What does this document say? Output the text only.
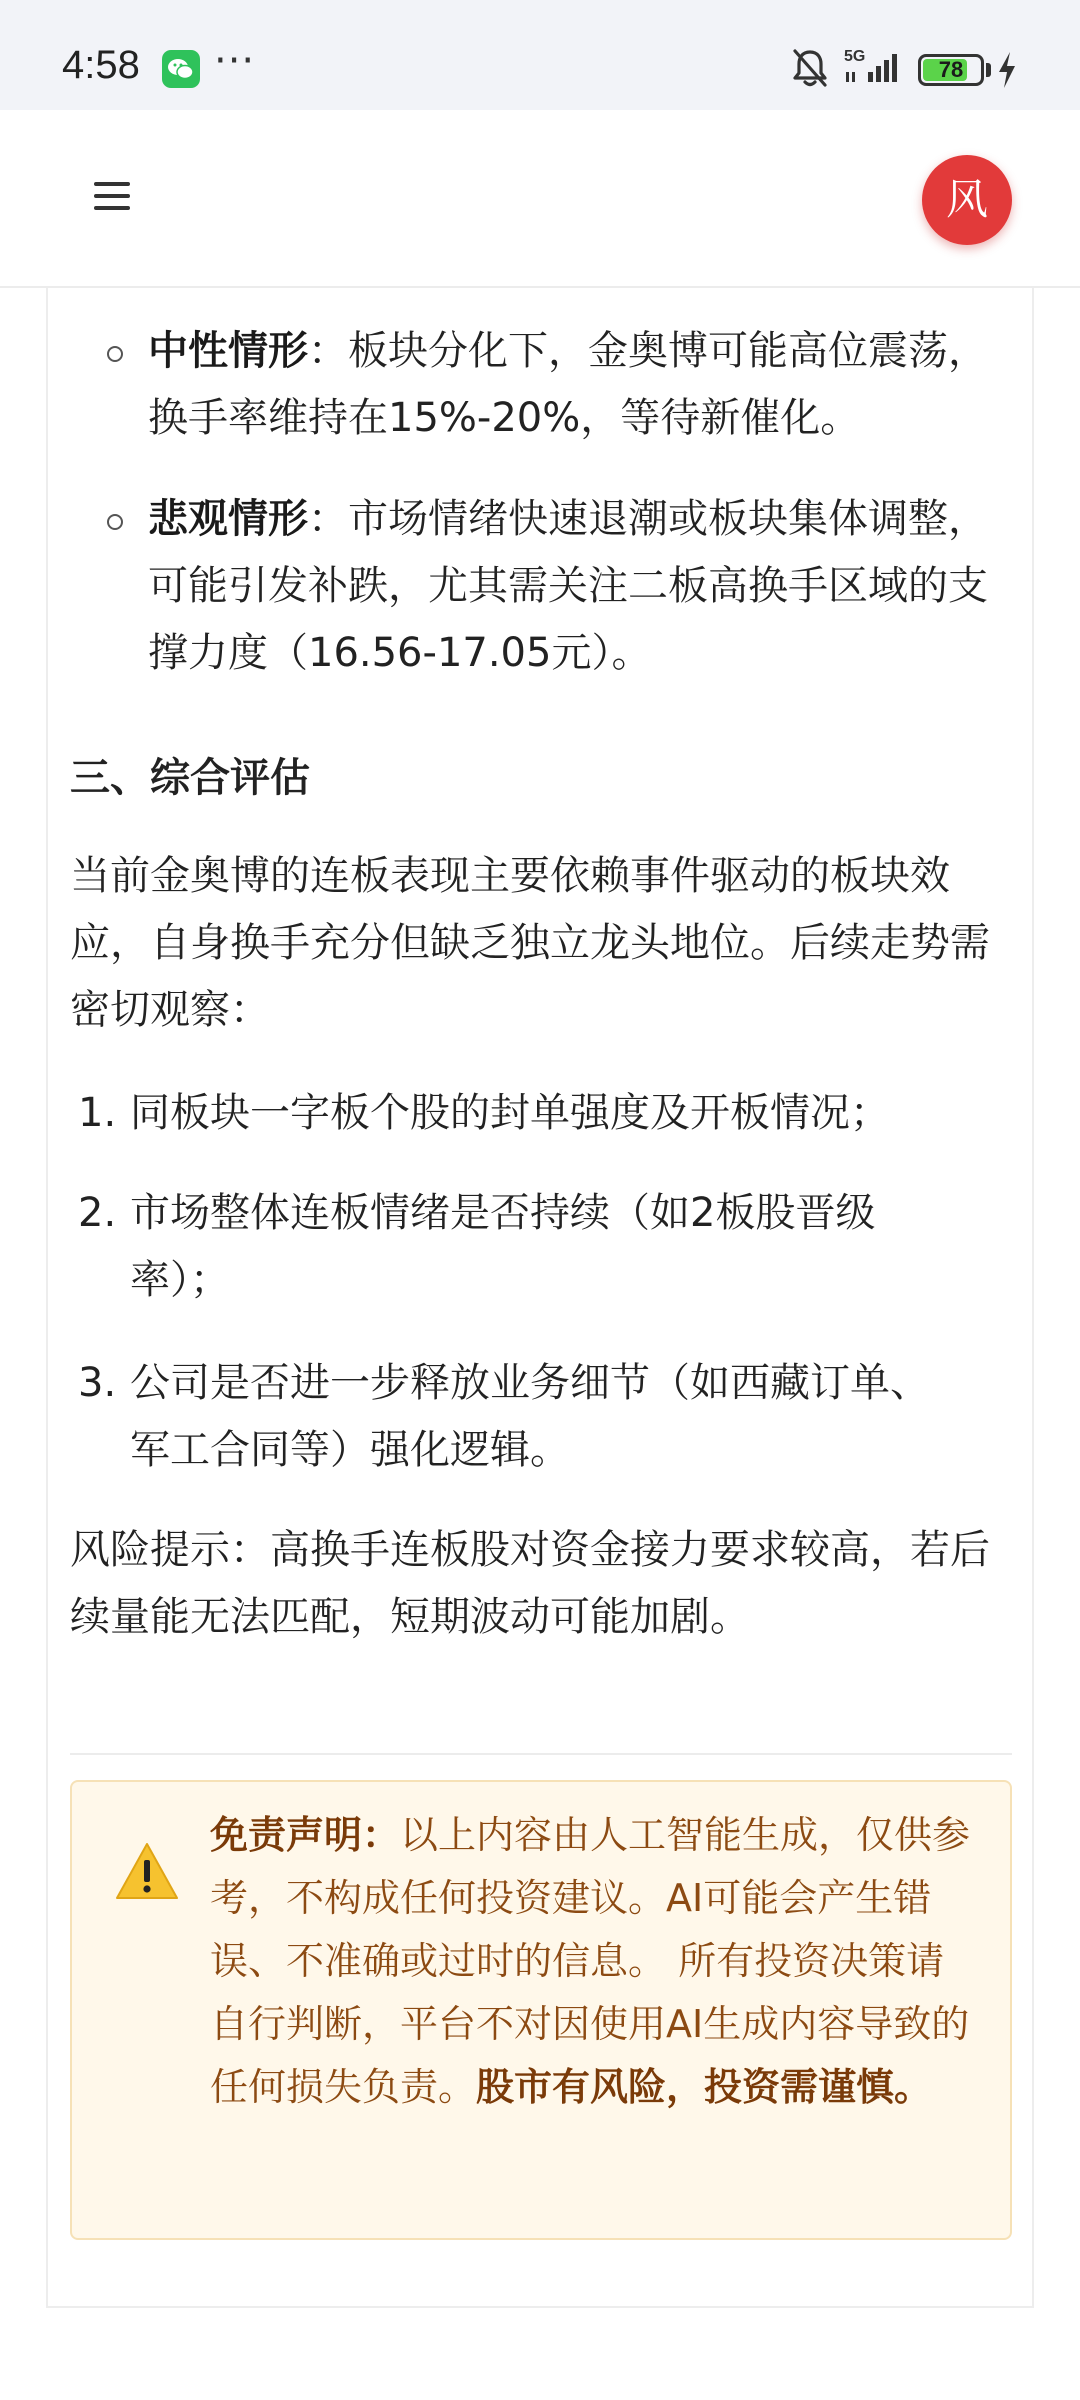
4:58 ···	5G
78
风
中性情形：板块分化下，金奥博可能高位震荡，换手率维持在15%-20%，等待新催化。
悲观情形：市场情绪快速退潮或板块集体调整，可能引发补跌，尤其需关注二板高换手区域的支撑力度（16.56-17.05元）。
三、综合评估
当前金奥博的连板表现主要依赖事件驱动的板块效应，自身换手充分但缺乏独立龙头地位。后续走势需密切观察：
1. 同板块一字板个股的封单强度及开板情况；
2. 市场整体连板情绪是否持续（如2板股晋级率）；
3. 公司是否进一步释放业务细节（如西藏订单、军工合同等）强化逻辑。
风险提示：高换手连板股对资金接力要求较高，若后续量能无法匹配，短期波动可能加剧。
免责声明：以上内容由人工智能生成，仅供参考，不构成任何投资建议。AI可能会产生错误、不准确或过时的信息。 所有投资决策请自行判断，平台不对因使用AI生成内容导致的任何损失负责。股市有风险，投资需谨慎。
